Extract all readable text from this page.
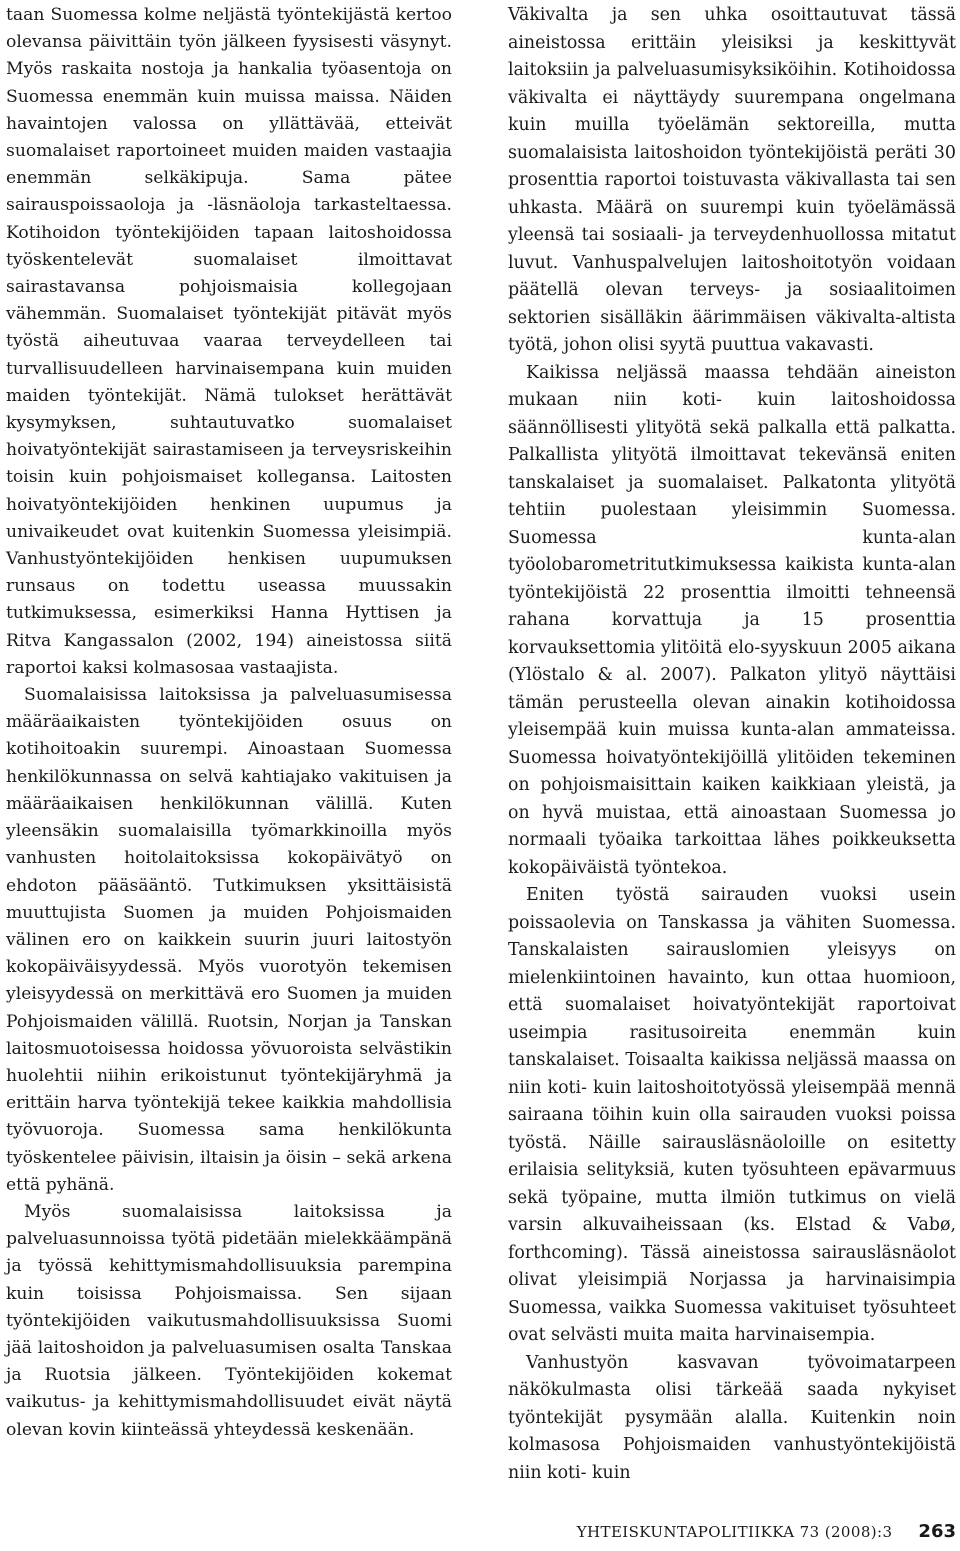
taan Suomessa kolme neljästä työntekijästä kertoo olevansa päivittäin työn jälkeen fyysisesti väsynyt. Myös raskaita nostoja ja hankalia työasentoja on Suomessa enemmän kuin muissa maissa. Näiden havaintojen valossa on yllättävää, etteivät suomalaiset raportoineet muiden maiden vastaajia enemmän selkäkipuja. Sama pätee sairauspoissaoloja ja -läsnäoloja tarkasteltaessa. Kotihoidon työntekijöiden tapaan laitoshoidossa työskentelevät suomalaiset ilmoittavat sairastavansa pohjoismaisia kollegojaan vähemmän. Suomalaiset työntekijät pitävät myös työstä aiheutuvaa vaaraa terveydelleen tai turvallisuudelleen harvinaisempana kuin muiden maiden työntekijät. Nämä tulokset herättävät kysymyksen, suhtautuvatko suomalaiset hoivatyöntekijät sairastamiseen ja terveysriskeihin toisin kuin pohjoismaiset kollegansa. Laitosten hoivatyöntekijöiden henkinen uupumus ja univaikeudet ovat kuitenkin Suomessa yleisimpiä. Vanhustyöntekijöiden henkisen uupumuksen runsaus on todettu useassa muussakin tutkimuksessa, esimerkiksi Hanna Hyttisen ja Ritva Kangassalon (2002, 194) aineistossa siitä raportoi kaksi kolmasosaa vastaajista.

Suomalaisissa laitoksissa ja palveluasumisessa määräaikaisten työntekijöiden osuus on kotihoitoakin suurempi. Ainoastaan Suomessa henkilökunnassa on selvä kahtiajako vakituisen ja määräaikaisen henkilökunnan välillä. Kuten yleensäkin suomalaisilla työmarkkinoilla myös vanhusten hoitolaitoksissa kokopäivätyö on ehdoton pääsääntö. Tutkimuksen yksittäisistä muuttujista Suomen ja muiden Pohjoismaiden välinen ero on kaikkein suurin juuri laitostyön kokopäiväisyydessä. Myös vuorotyön tekemisen yleisyydessä on merkittävä ero Suomen ja muiden Pohjoismaiden välillä. Ruotsin, Norjan ja Tanskan laitosmuotoisessa hoidossa yövuoroista selvästikin huolehtii niihin erikoistunut työntekijäryhmä ja erittäin harva työntekijä tekee kaikkia mahdollisia työvuoroja. Suomessa sama henkilökunta työskentelee päivisin, iltaisin ja öisin – sekä arkena että pyhänä.

Myös suomalaisissa laitoksissa ja palveluasunnoissa työtä pidetään mielekkäämpänä ja työssä kehittymismahdollisuuksia parempina kuin toisissa Pohjoismaissa. Sen sijaan työntekijöiden vaikutusmahdollisuuksissa Suomi jää laitoshoidon ja palveluasumisen osalta Tanskaa ja Ruotsia jälkeen. Työntekijöiden kokemat vaikutus- ja kehittymismahdollisuudet eivät näytä olevan kovin kiinteässä yhteydessä keskenään.

Väkivalta ja sen uhka osoittautuvat tässä aineistossa erittäin yleisiksi ja keskittyvät laitoksiin ja palveluasumisyksiköihin. Kotihoidossa väkivalta ei näyttäydy suurempana ongelmana kuin muilla työelämän sektoreilla, mutta suomalaisista laitoshoidon työntekijöistä peräti 30 prosenttia raportoi toistuvasta väkivallasta tai sen uhkasta. Määrä on suurempi kuin työelämässä yleensä tai sosiaali- ja terveydenhuollossa mitatut luvut. Vanhuspalvelujen laitoshoitotyön voidaan päätellä olevan terveys- ja sosiaalitoimen sektorien sisälläkin äärimmäisen väkivalta-altista työtä, johon olisi syytä puuttua vakavasti.

Kaikissa neljässä maassa tehdään aineiston mukaan niin koti- kuin laitoshoidossa säännöllisesti ylityötä sekä palkalla että palkatta. Palkallista ylityötä ilmoittavat tekevänsä eniten tanskalaiset ja suomalaiset. Palkatonta ylityötä tehtiin puolestaan yleisimmin Suomessa. Suomessa kunta-alan työolobarometritutkimuksessa kaikista kunta-alan työntekijöistä 22 prosenttia ilmoitti tehneensä rahana korvattuja ja 15 prosenttia korvauksettomia ylitöitä elo-syyskuun 2005 aikana (Ylöstalo & al. 2007). Palkaton ylityö näyttäisi tämän perusteella olevan ainakin kotihoidossa yleisempää kuin muissa kunta-alan ammateissa. Suomessa hoivatyöntekijöillä ylitöiden tekeminen on pohjoismaisittain kaiken kaikkiaan yleistä, ja on hyvä muistaa, että ainoastaan Suomessa jo normaali työaika tarkoittaa lähes poikkeuksetta kokopäiväistä työntekoa.

Eniten työstä sairauden vuoksi usein poissaolevia on Tanskassa ja vähiten Suomessa. Tanskalaisten sairauslomien yleisyys on mielenkiintoinen havainto, kun ottaa huomioon, että suomalaiset hoivatyöntekijät raportoivat useimpia rasitusoireita enemmän kuin tanskalaiset. Toisaalta kaikissa neljässä maassa on niin koti- kuin laitoshoitotyössä yleisempää mennä sairaana töihin kuin olla sairauden vuoksi poissa työstä. Näille sairausläsnäoloille on esitetty erilaisia selityksiä, kuten työsuhteen epävarmuus sekä työpaine, mutta ilmiön tutkimus on vielä varsin alkuvaiheissaan (ks. Elstad & Vabø, forthcoming). Tässä aineistossa sairausläsnäolot olivat yleisimpiä Norjassa ja harvinaisimpia Suomessa, vaikka Suomessa vakituiset työsuhteet ovat selvästi muita maita harvinaisempia.

Vanhustyön kasvavan työvoimatarpeen näkökulmasta olisi tärkeää saada nykyiset työntekijät pysymään alalla. Kuitenkin noin kolmasosa Pohjoismaiden vanhustyöntekijöistä niin koti- kuin

YHTEISKUNTAPOLITIIKKA 73 (2008):3 263
